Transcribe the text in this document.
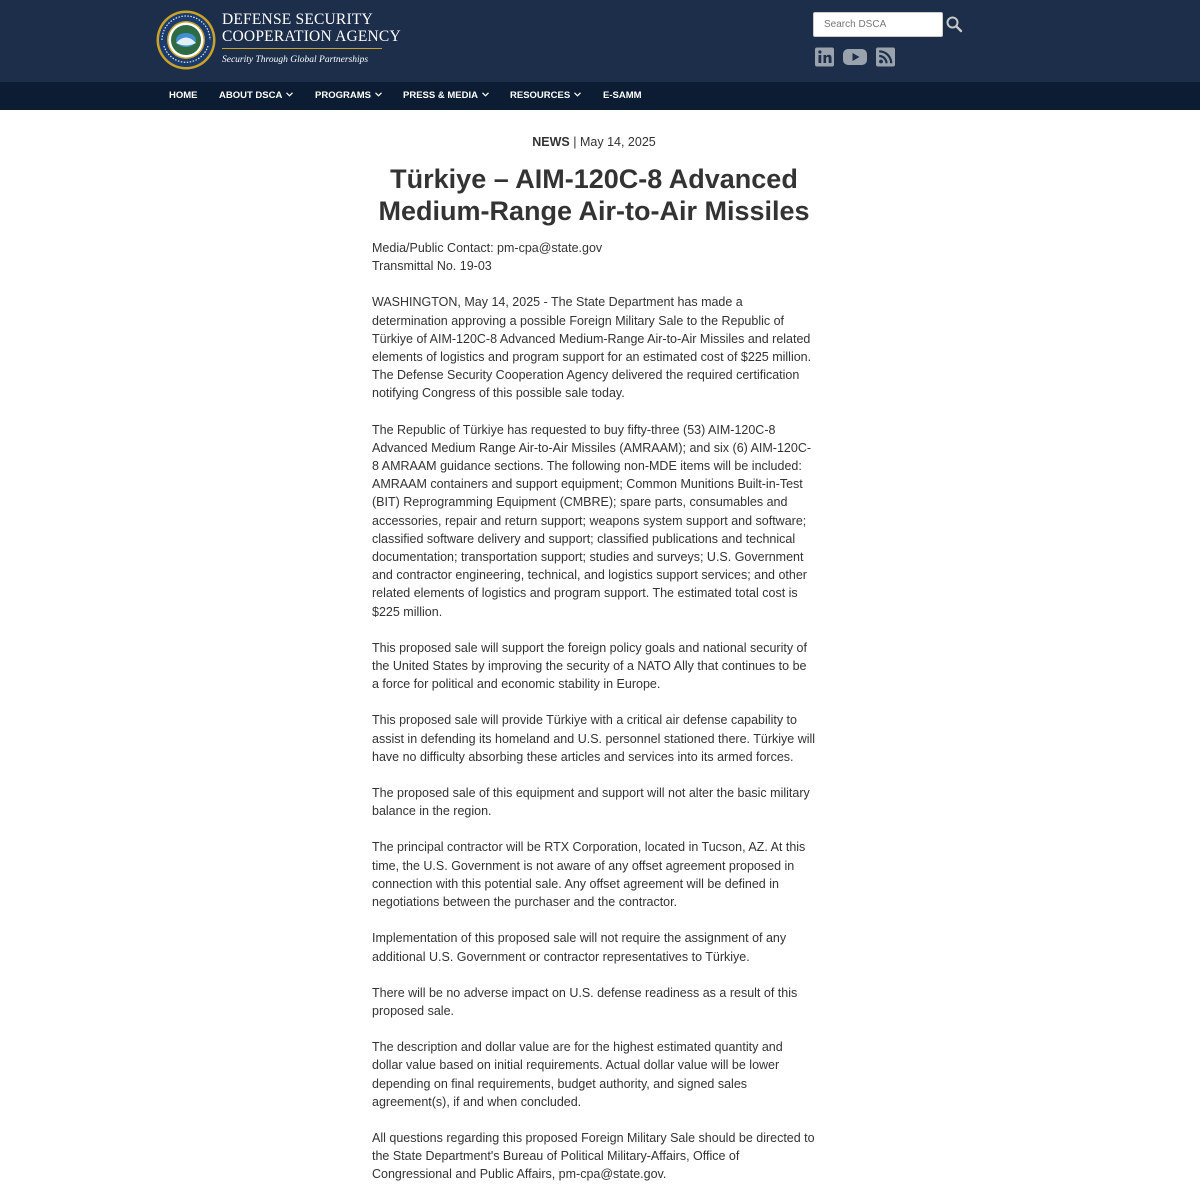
DEFENSE SECURITY
COOPERATION AGENCY
Security Through Global Partnerships
Search DSCA
HOME ABOUT DSCA	PROGRAMS	PRESS & MEDIA	RESOURCES	E-SAMM
NEWS | May 14, 2025
Türkiye – AIM-120C-8 Advanced Medium-Range Air-to-Air Missiles
Media/Public Contact: pm-cpa@state.gov
Transmittal No. 19-03

WASHINGTON, May 14, 2025 - The State Department has made a determination approving a possible Foreign Military Sale to the Republic of Türkiye of AIM-120C-8 Advanced Medium-Range Air-to-Air Missiles and related elements of logistics and program support for an estimated cost of $225 million. The Defense Security Cooperation Agency delivered the required certification notifying Congress of this possible sale today.

The Republic of Türkiye has requested to buy fifty-three (53) AIM-120C-8 Advanced Medium Range Air-to-Air Missiles (AMRAAM); and six (6) AIM-120C-8 AMRAAM guidance sections. The following non-MDE items will be included: AMRAAM containers and support equipment; Common Munitions Built-in-Test (BIT) Reprogramming Equipment (CMBRE); spare parts, consumables and accessories, repair and return support; weapons system support and software; classified software delivery and support; classified publications and technical documentation; transportation support; studies and surveys; U.S. Government and contractor engineering, technical, and logistics support services; and other related elements of logistics and program support. The estimated total cost is $225 million.

This proposed sale will support the foreign policy goals and national security of the United States by improving the security of a NATO Ally that continues to be a force for political and economic stability in Europe.

This proposed sale will provide Türkiye with a critical air defense capability to assist in defending its homeland and U.S. personnel stationed there. Türkiye will have no difficulty absorbing these articles and services into its armed forces.

The proposed sale of this equipment and support will not alter the basic military balance in the region.

The principal contractor will be RTX Corporation, located in Tucson, AZ. At this time, the U.S. Government is not aware of any offset agreement proposed in connection with this potential sale. Any offset agreement will be defined in negotiations between the purchaser and the contractor.

Implementation of this proposed sale will not require the assignment of any additional U.S. Government or contractor representatives to Türkiye.

There will be no adverse impact on U.S. defense readiness as a result of this proposed sale.

The description and dollar value are for the highest estimated quantity and dollar value based on initial requirements. Actual dollar value will be lower depending on final requirements, budget authority, and signed sales agreement(s), if and when concluded.

All questions regarding this proposed Foreign Military Sale should be directed to the State Department's Bureau of Political Military-Affairs, Office of Congressional and Public Affairs, pm-cpa@state.gov.
